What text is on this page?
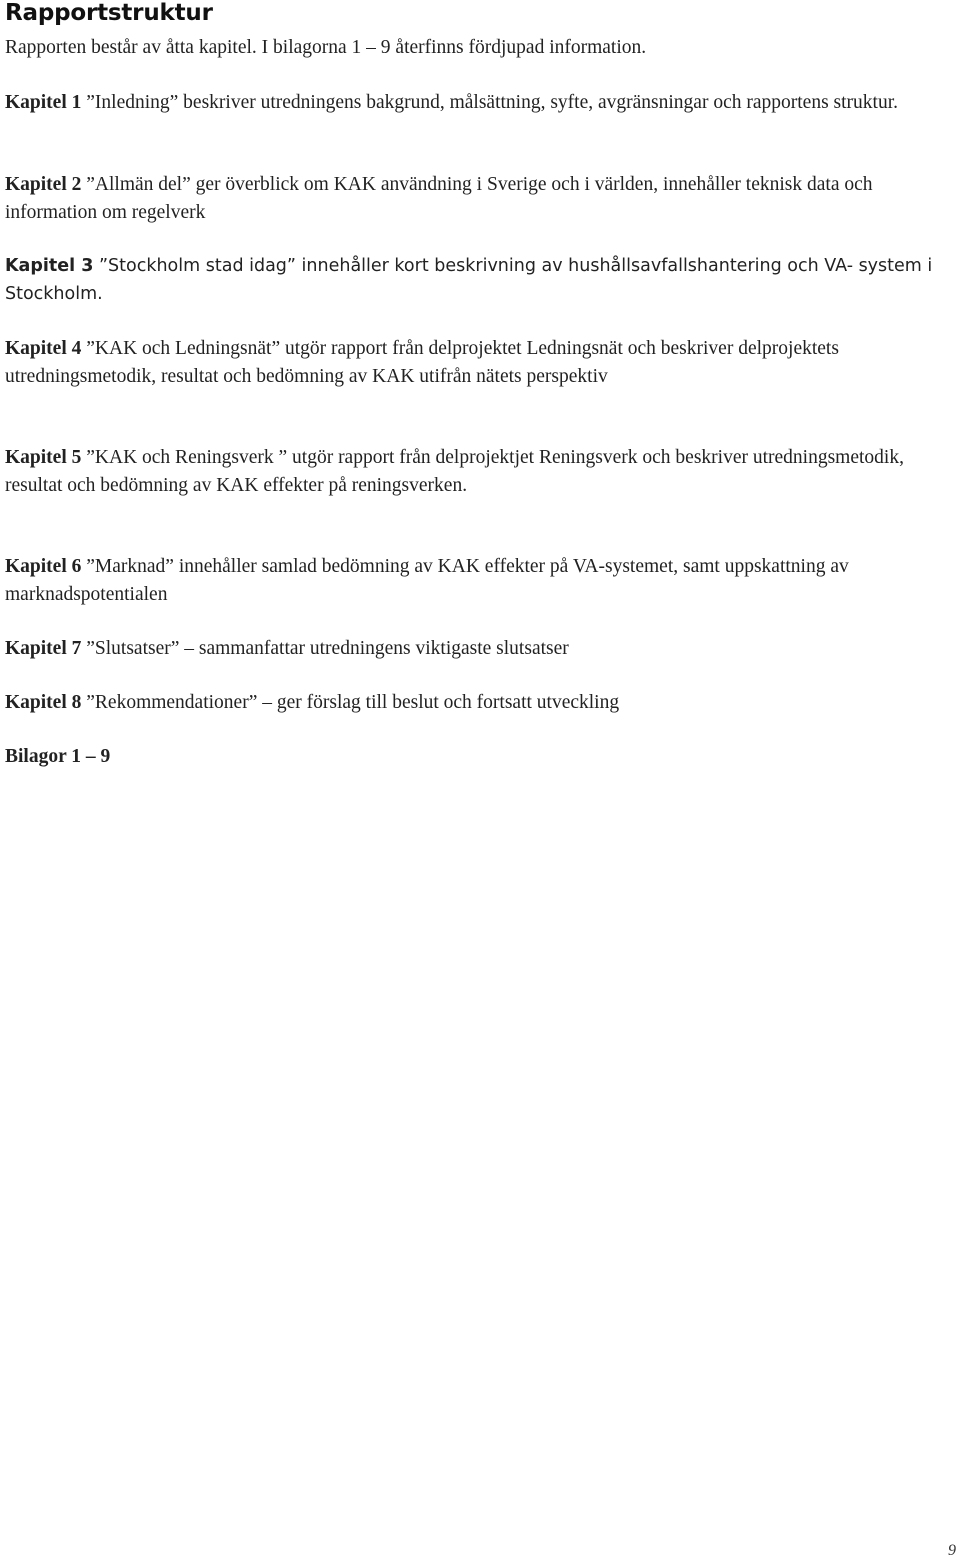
Rapportstruktur

Rapporten består av åtta kapitel. I bilagorna 1 – 9 återfinns fördjupad information.

Kapitel 1 ”Inledning” beskriver utredningens bakgrund, målsättning, syfte, avgränsningar och rapportens struktur.

Kapitel 2 ”Allmän del” ger överblick om KAK användning i Sverige och i världen, innehåller teknisk data och information om regelverk

Kapitel 3 ”Stockholm stad idag” innehåller kort beskrivning av hushållsavfallshantering och VA- system i Stockholm.

Kapitel 4 ”KAK och Ledningsnät” utgör rapport från delprojektet Ledningsnät och beskriver delprojektets utredningsmetodik, resultat och bedömning av KAK utifrån nätets perspektiv

Kapitel 5 ”KAK och Reningsverk ” utgör rapport från delprojektjet Reningsverk och beskriver utredningsmetodik, resultat och bedömning av KAK effekter på reningsverken.

Kapitel 6 ”Marknad” innehåller samlad bedömning av KAK effekter på VA-systemet, samt uppskattning av marknadspotentialen

Kapitel 7 ”Slutsatser” – sammanfattar utredningens viktigaste slutsatser

Kapitel 8 ”Rekommendationer” – ger förslag till beslut och fortsatt utveckling

Bilagor 1 – 9

9
